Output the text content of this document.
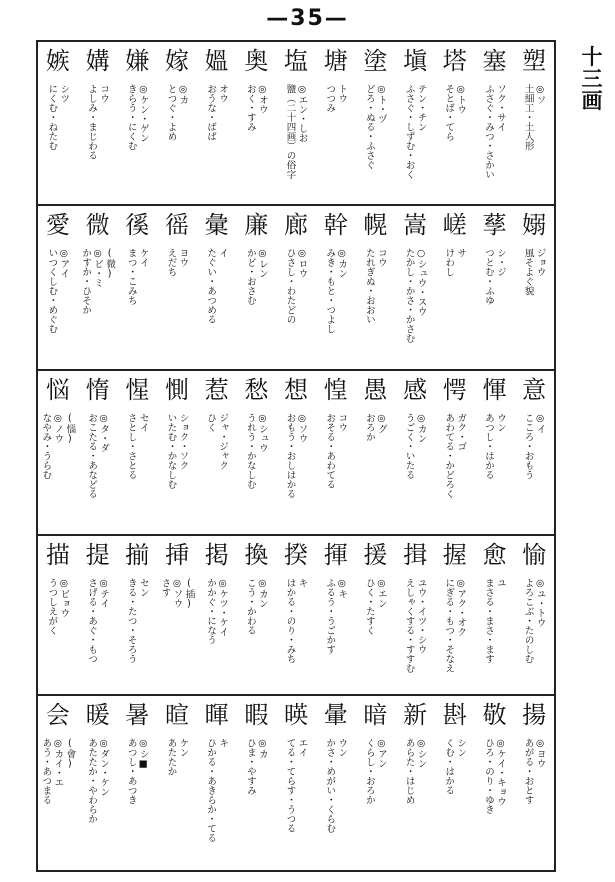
—35—
十
三
画
塑
◎ソ
土細工・土人形
塞
ソク・サイ
ふさぐ・みつ・さかい
塔
◎トウ
そとば・てら
塡
テン・チン
ふさぐ・しずむ・おく
塗
◎ト・ヅ
どろ・ぬる・ふさぐ
塘
トウ
つつみ
塩
◎エン・しお
鹽（二十四画）の俗字
奥
◎オウ
おく・すみ
媼
オウ
おうな・ばば
嫁
◎カ
とつぐ・よめ
嫌
◎ケン・ゲン
きらう・にくむ
媾
コウ
よしみ・まじわる
嫉
シツ
にくむ・ねたむ
嫋
ジョウ
風そよぐ貌
孶
シ・ジ
つとむ・ふゆ
嵯
サ
けわし
嵩
○シュウ・スウ
たかし・かさ・かさむ
幌
コウ
たれぎぬ・おおい
幹
◎カン
みき・もと・つよし
廊
◎ロウ
ひさし・わたどの
廉
◎レン
かど・おさむ
彙
イ
たぐい・あつめる
徭
ヨウ
えだち
徯
ケイ
まつ・こみち
微
(微)
◎ビ・ミ
かすか・ひそか
愛
◎アイ
いつくしむ・めぐむ
意
◎イ
こころ・おもう
惲
ウン
あつし・はかる
愕
ガク・ゴ
あわてる・かどろく
感
◎カン
うごく・いたる
愚
◎グ
おろか
惶
コウ
おそる・あわてる
想
◎ソウ
おもう・おしはかる
愁
◎シュウ
うれう・かなしむ
惹
ジャ・ジャク
ひく
惻
ショク・ソク
いたむ・かなしむ
惺
セイ
さとし・さとる
惰
◎タ・ダ
おこたる・あなどる
悩
(惱)
◎ノウ
なやみ・うらむ
愉
◎ユ・トウ
よろこぶ・たのしむ
愈
ユ
まさる・まさ・ます
握
◎アク・オク
にぎる・もつ・そなえ
揖
ユウ・イツ・シウ
えしゃくする・すすむ
援
◎エン
ひく・たすく
揮
◎キ
ふるう・うごかす
揆
キ
はかる・のり・みち
換
◎カン
こう・かわる
掲
◎ケツ・ケイ
かかぐ・になう
挿
(插)
◎ソウ
さす
揃
セン
きる・たつ・そろう
提
◎テイ
さげる・あぐ・もつ
描
◎ビョウ
うつしえがく
揚
◎ヨウ
あがる・おとす
敬
◎ケイ・キョウ
ひろ・のり・ゆき
斟
シン
くむ・はかる
新
◎シン
あらた・はじめ
暗
◎アン
くらし・おろか
暈
ウン
かさ・めがい・くらむ
暎
エイ
てる・てらす・うつる
暇
◎カ
ひま・やすみ
暉
キ
ひかる・あきらか・てる
暄
ケン
あたたか
暑
◎シ■
あつし・あつき
暖
◎ダン・ケン
あたたか・やわらか
会
(會)
◎カイ・エ
あう・あつまる
